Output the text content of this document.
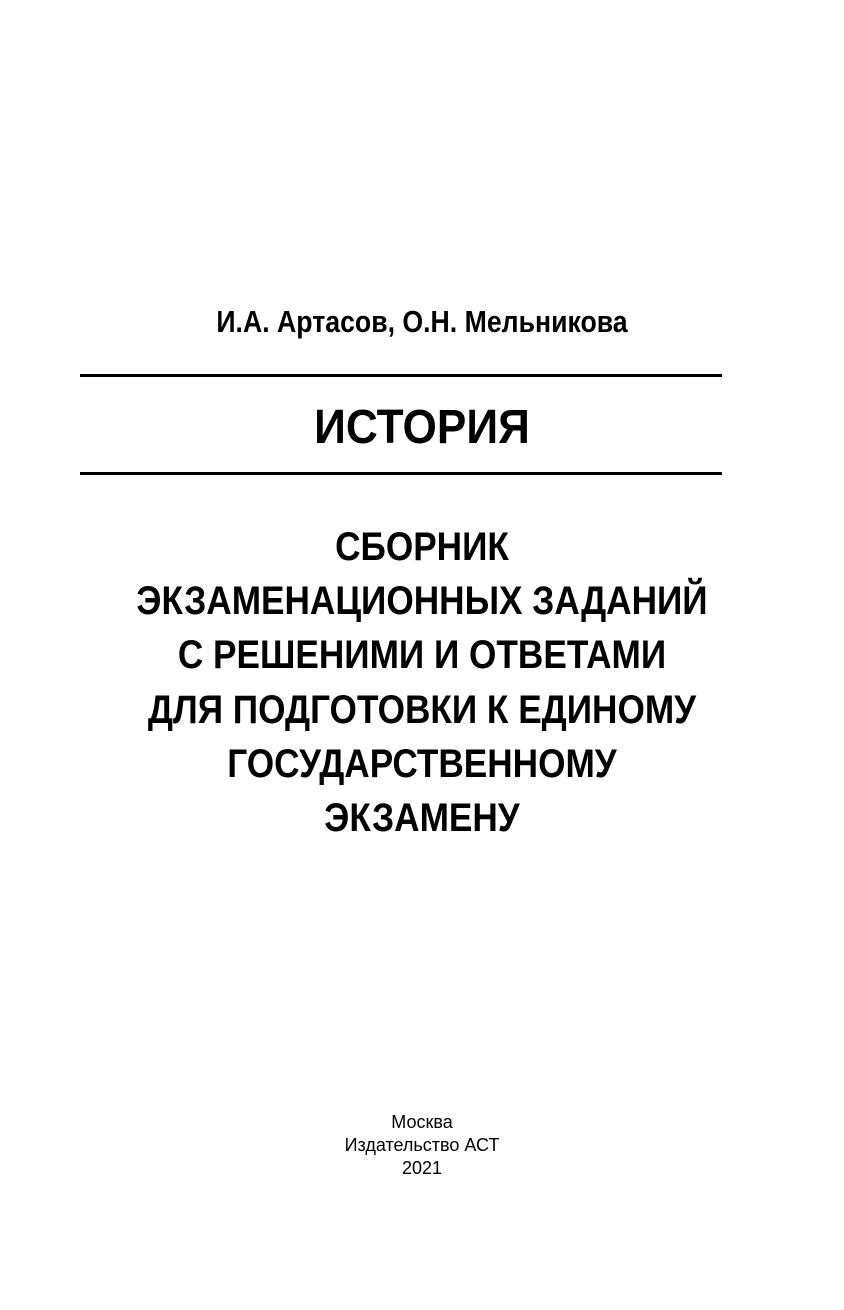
И.А. Артасов, О.Н. Мельникова
ИСТОРИЯ
СБОРНИК
ЭКЗАМЕНАЦИОННЫХ ЗАДАНИЙ
С РЕШЕНИМИ И ОТВЕТАМИ
ДЛЯ ПОДГОТОВКИ К ЕДИНОМУ
ГОСУДАРСТВЕННОМУ
ЭКЗАМЕНУ
Москва
Издательство АСТ
2021
